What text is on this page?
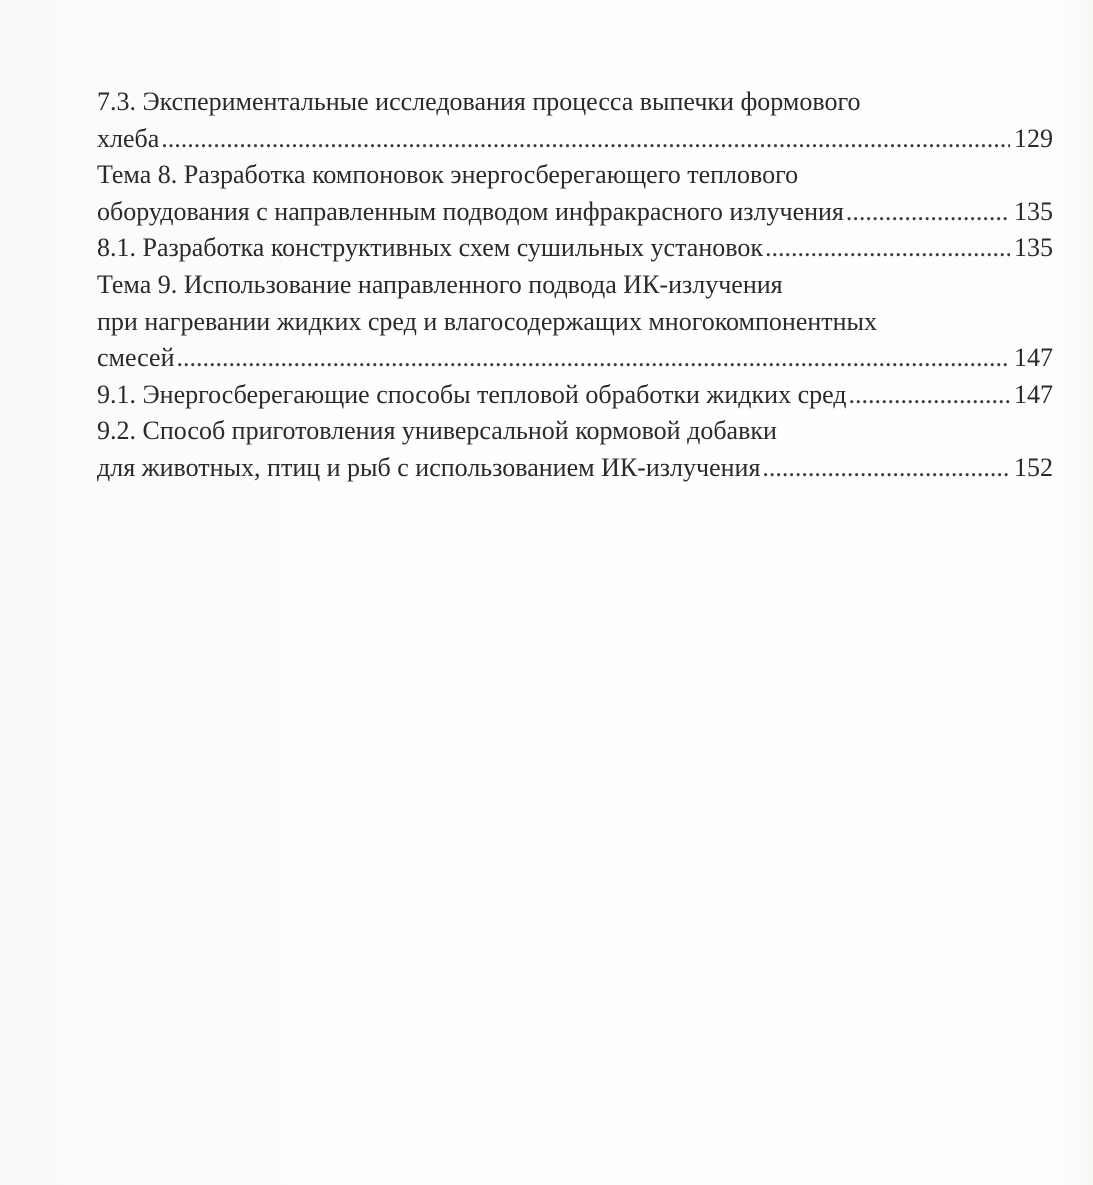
7.3. Экспериментальные исследования процесса выпечки формового
хлеба .....	129
Тема 8. Разработка компоновок энергосберегающего теплового
оборудования с направленным подводом инфракрасного излучения .....	135
8.1. Разработка конструктивных схем сушильных установок .....	135
Тема 9. Использование направленного подвода ИК-излучения
при нагревании жидких сред и влагосодержащих многокомпонентных
смесей .....	147
9.1. Энергосберегающие способы тепловой обработки жидких сред .....	147
9.2. Способ приготовления универсальной кормовой добавки
для животных, птиц и рыб с использованием ИК-излучения .....	152
